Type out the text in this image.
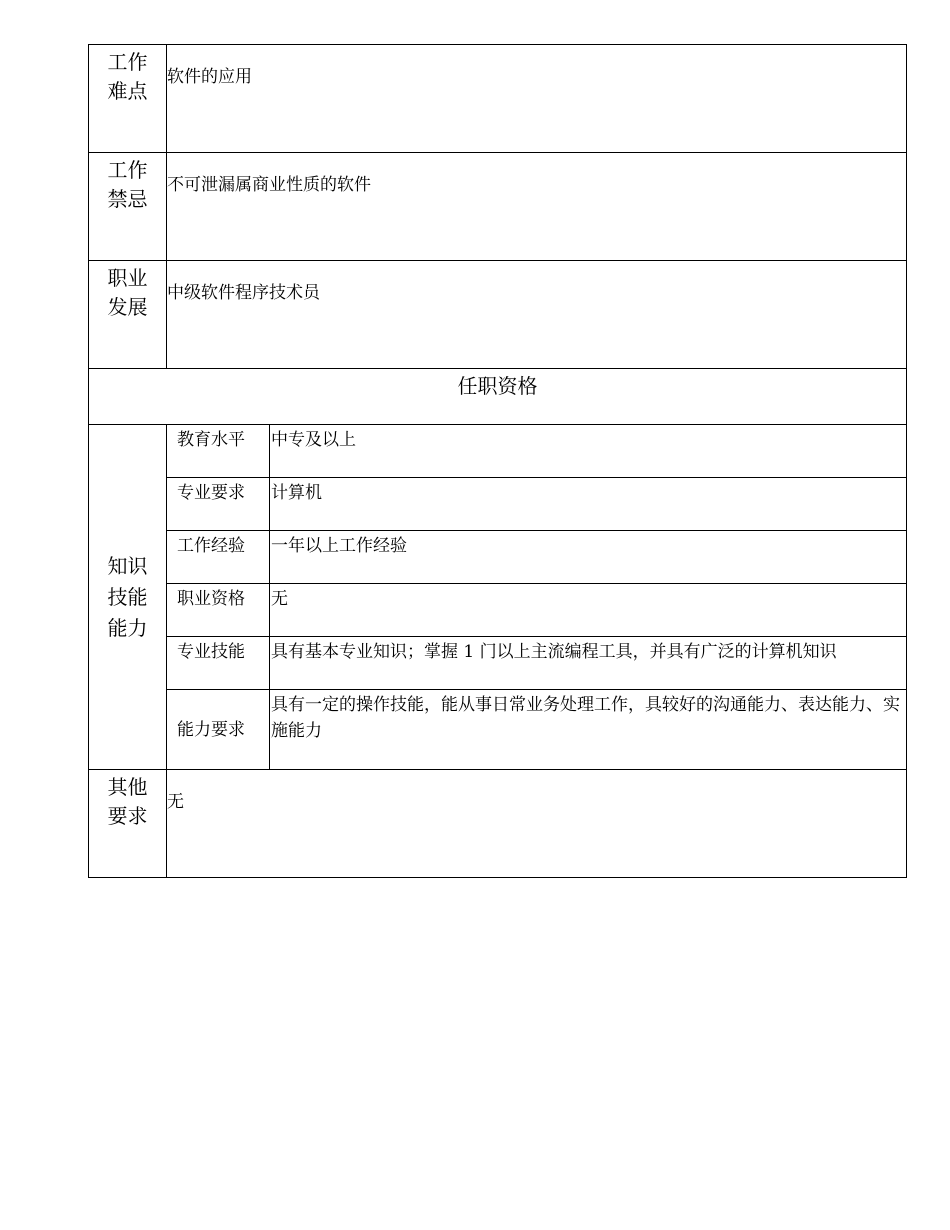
工作
难点	软件的应用	

工作
禁忌	不可泄漏属商业性质的软件	

职业
发展	中级软件程序技术员	
任职资格		

知识
技能
能力	教育水平	中专及以上
	专业要求	计算机
	工作经验	一年以上工作经验
	职业资格	无
	专业技能	具有基本专业知识；掌握 1 门以上主流编程工具，并具有广泛的计算机知识
	能力要求	具有一定的操作技能，能从事日常业务处理工作，具较好的沟通能力、表达能力、实施能力

其他
要求	无	
